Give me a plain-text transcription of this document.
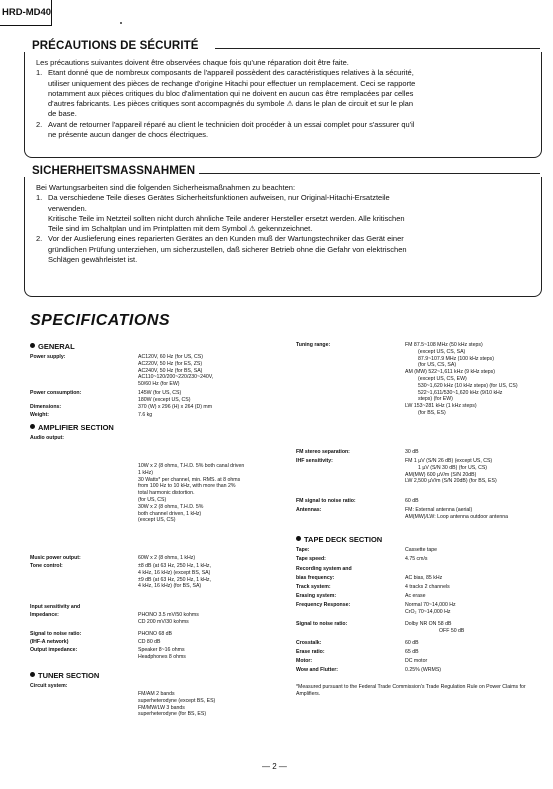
HRD-MD40
PRÉCAUTIONS DE SÉCURITÉ

Les précautions suivantes doivent être observées chaque fois qu'une réparation doit être faite.

1. Etant donné que de nombreux composants de l'appareil possèdent des caractéristiques relatives à la sécurité,
utiliser uniquement des pièces de rechange d'origine Hitachi pour effectuer un remplacement. Ceci se rapporte
notamment aux pièces critiques du bloc d'alimentation qui ne doivent en aucun cas être remplacées par celles
d'autres fabricants. Les pièces critiques sont accompagnés du symbole ⚠ dans le plan de circuit et sur le plan
de base.
2. Avant de retourner l'appareil réparé au client le technicien doit procéder à un essai complet pour s'assurer qu'il
ne présente aucun danger de chocs électriques.
SICHERHEITSMASSNAHMEN

Bei Wartungsarbeiten sind die folgenden Sicherheismaßnahmen zu beachten:

1. Da verschiedene Teile dieses Gerätes Sicherheitsfunktionen aufweisen, nur Original-Hitachi-Ersatzteile
verwenden.
Kritische Teile im Netzteil sollten nicht durch ähnliche Teile anderer Hersteller ersetzt werden. Alle kritischen
Teile sind im Schaltplan und im Printplatten mit dem Symbol ⚠ gekennzeichnet.
2. Vor der Auslieferung eines reparierten Gerätes an den Kunden muß der Wartungstechniker das Gerät einer
gründlichen Prüfung unterziehen, um sicherzustellen, daß sicherer Betrieb ohne die Gefahr von elektrischen
Schlägen gewährleistet ist.
SPECIFICATIONS
GENERAL
Power supply:	AC120V, 60 Hz (for US, CS)
AC220V, 50 Hz (for ES, ZS)
AC240V, 50 Hz (for BS, SA)
AC110~120/200~220/230~240V,
50/60 Hz (for EW)
Power consumption:	145W (for US, CS)
180W (except US, CS)
Dimensions:	370 (W) x 296 (H) x 264 (D) mm
Weight:	7.6 kg
AMPLIFIER SECTION
Audio output:
10W x 2 (8 ohms, T.H.D. 5% both canal driven
1 kHz)
30 Watts* per channel, min. RMS. at 8 ohms
from 100 Hz to 10 kHz, with more than 2%
total harmonic distortion.
(for US, CS)
30W x 2 (8 ohms, T.H.D. 5%
both channel driven, 1 kHz)
(except US, CS)
Music power output:	60W x 2 (8 ohms, 1 kHz)
Tone control:	±8 dB (at 63 Hz, 250 Hz, 1 kHz,
4 kHz, 16 kHz) (except BS, SA)
±9 dB (at 63 Hz, 250 Hz, 1 kHz,
4 kHz, 16 kHz) (for BS, SA)
Input sensitivity and
Impedance:	PHONO 3.5 mV/50 kohms
CD 200 mV/30 kohms
Signal to noise ratio:	PHONO 68 dB
(IHF-A network)	CD 80 dB
Output impedance:	Speaker 8~16 ohms
Headphones 8 ohms
TUNER SECTION
Circuit system:
FM/AM 2 bands
superheterodyne (except BS, ES)
FM/MW/LW 3 bands
superheterodyne (for BS, ES)
Tuning range:	FM 87.5~108 MHz (50 kHz steps)
(except US, CS, SA)
87.9~107.9 MHz (100 kHz steps)
(for US, CS, SA)
AM (MW) 522~1,611 kHz (9 kHz steps)
(except US, CS, EW)
530~1,620 kHz (10 kHz steps) (for US, CS)
522~1,611/530~1,620 kHz (9/10 kHz
steps) (for EW)
LW 153~281 kHz (1 kHz steps)
(for BS, ES)
FM stereo separation:	30 dB
IHF sensitivity:	FM 1 µV (S/N 26 dB) (except US, CS)
1 µV (S/N 30 dB) (for US, CS)
AM(MW) 600 µV/m (S/N 20dB)
LW 2,500 µV/m (S/N 20dB) (for BS, ES)
FM signal to noise ratio:	60 dB
Antennas:	FM: External antenna (aerial)
AM(MW)/LW: Loop antenna outdoor antenna
TAPE DECK SECTION
Tape:	Cassette tape
Tape speed:	4.75 cm/s
Recording system and
bias frequency:	AC bias, 85 kHz
Track system:	4 tracks 2 channels
Erasing system:	Ac erase
Frequency Response:	Normal 70~14,000 Hz
CrO₂ 70~14,000 Hz
Signal to noise ratio:	Dolby NR ON 58 dB
OFF 50 dB
Crosstalk:	60 dB
Erase ratio:	65 dB
Motor:	DC motor
Wow and Flutter:	0.25% (WRMS)
*Measured pursuant to the Federal Trade Commission's Trade Regulation Rule on Power Claims for Amplifiers.
— 2 —
